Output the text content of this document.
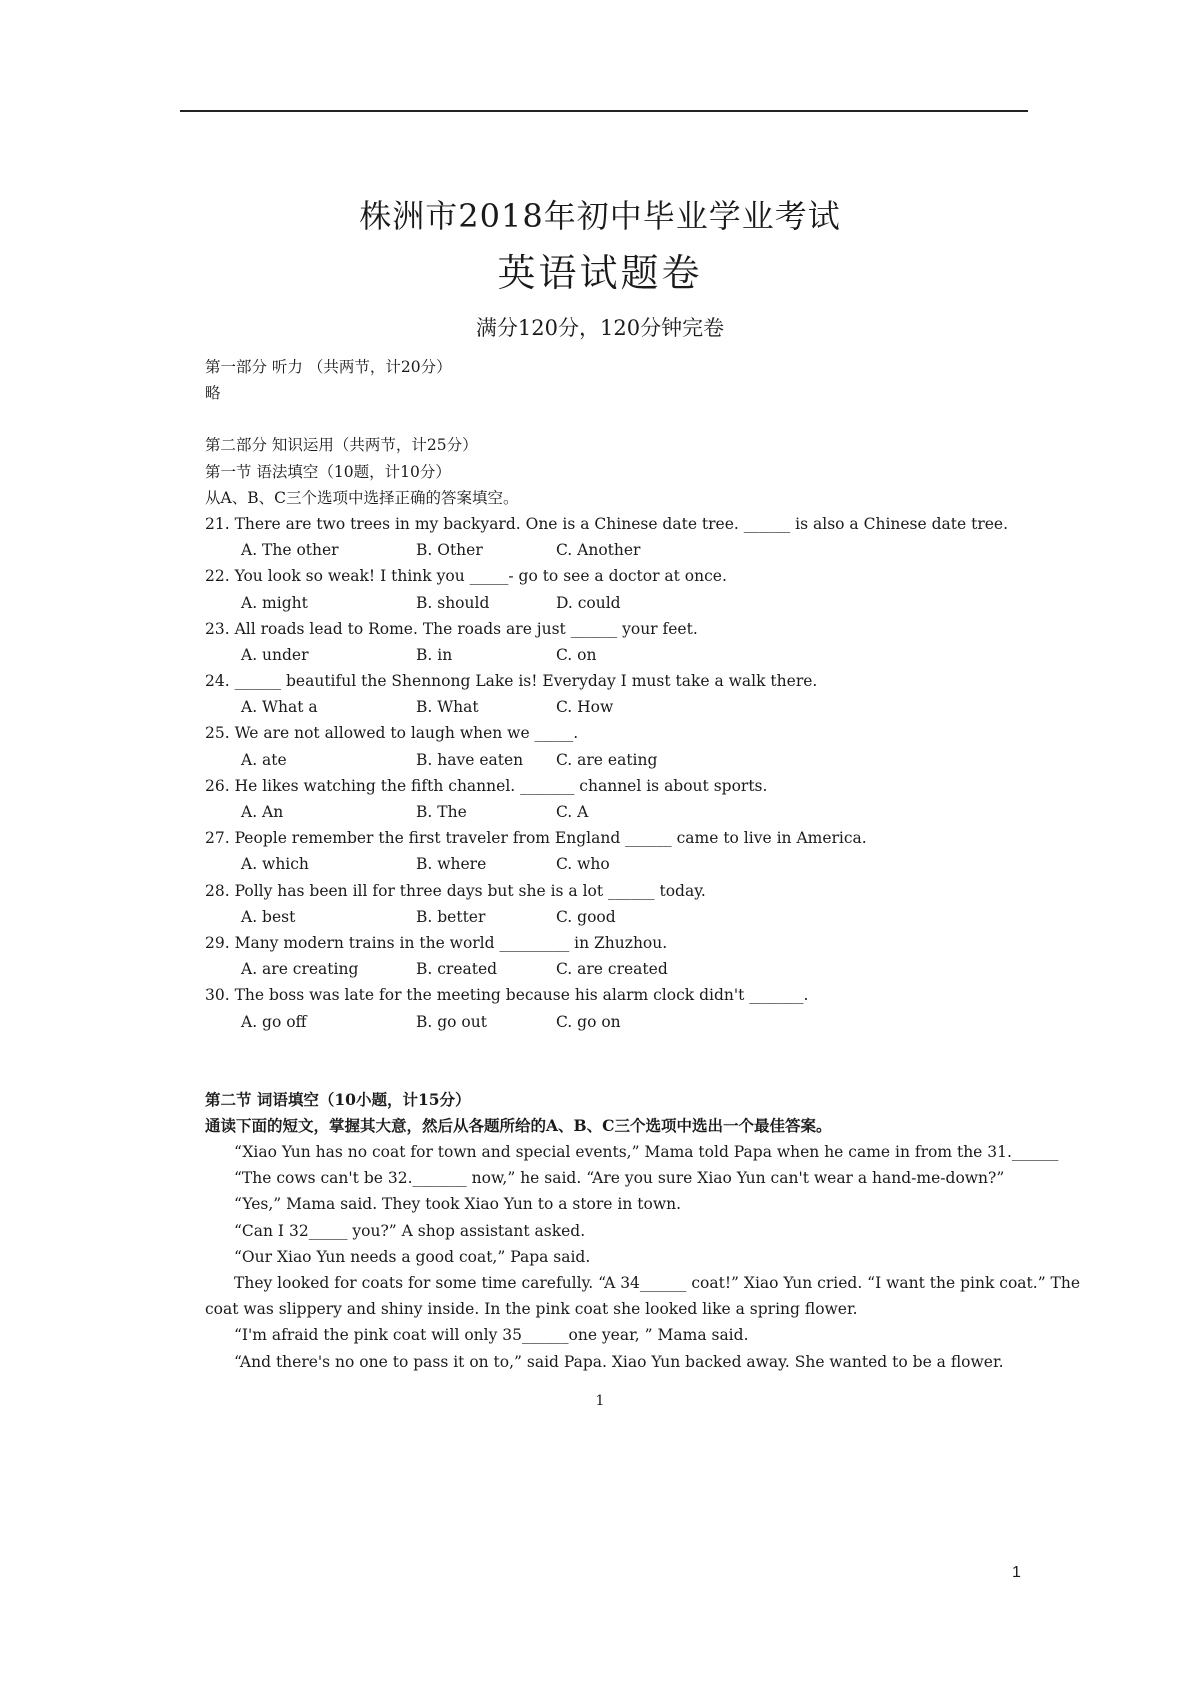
株洲市2018年初中毕业学业考试
英语试题卷
满分120分，120分钟完卷
第一部分 听力 （共两节，计20分）
略
第二部分 知识运用（共两节，计25分）
第一节 语法填空（10题，计10分）
从A、B、C三个选项中选择正确的答案填空。
21. There are two trees in my backyard. One is a Chinese date tree. ______ is also a Chinese date tree.
A. The other	B. Other	C. Another
22. You look so weak! I think you _____- go to see a doctor at once.
A. might	B. should	D. could
23. All roads lead to Rome. The roads are just ______ your feet.
A. under	B. in	C. on
24. ______ beautiful the Shennong Lake is! Everyday I must take a walk there.
A. What a	B. What	C. How
25. We are not allowed to laugh when we _____.
A. ate	B. have eaten C. are eating
26. He likes watching the fifth channel. _______ channel is about sports.
A. An	B. The	C. A
27. People remember the first traveler from England ______ came to live in America.
A. which	B. where	C. who
28. Polly has been ill for three days but she is a lot ______ today.
A. best	B. better	C. good
29. Many modern trains in the world _________ in Zhuzhou.
A. are creating	B. created	C. are created
30. The boss was late for the meeting because his alarm clock didn't _______.
A. go off	B. go out	C. go on
第二节 词语填空（10小题，计15分）
通读下面的短文，掌握其大意，然后从各题所给的A、B、C三个选项中选出一个最佳答案。
“Xiao Yun has no coat for town and special events,” Mama told Papa when he came in from the 31.______
“The cows can't be 32._______ now,” he said. “Are you sure Xiao Yun can't wear a hand-me-down?”
“Yes,” Mama said. They took Xiao Yun to a store in town.
“Can I 32_____ you?” A shop assistant asked.
“Our Xiao Yun needs a good coat,” Papa said.
They looked for coats for some time carefully. “A 34______ coat!” Xiao Yun cried. “I want the pink coat.” The coat was slippery and shiny inside. In the pink coat she looked like a spring flower.
“I'm afraid the pink coat will only 35______one year, ” Mama said.
“And there's no one to pass it on to,” said Papa. Xiao Yun backed away. She wanted to be a flower.
1
1
